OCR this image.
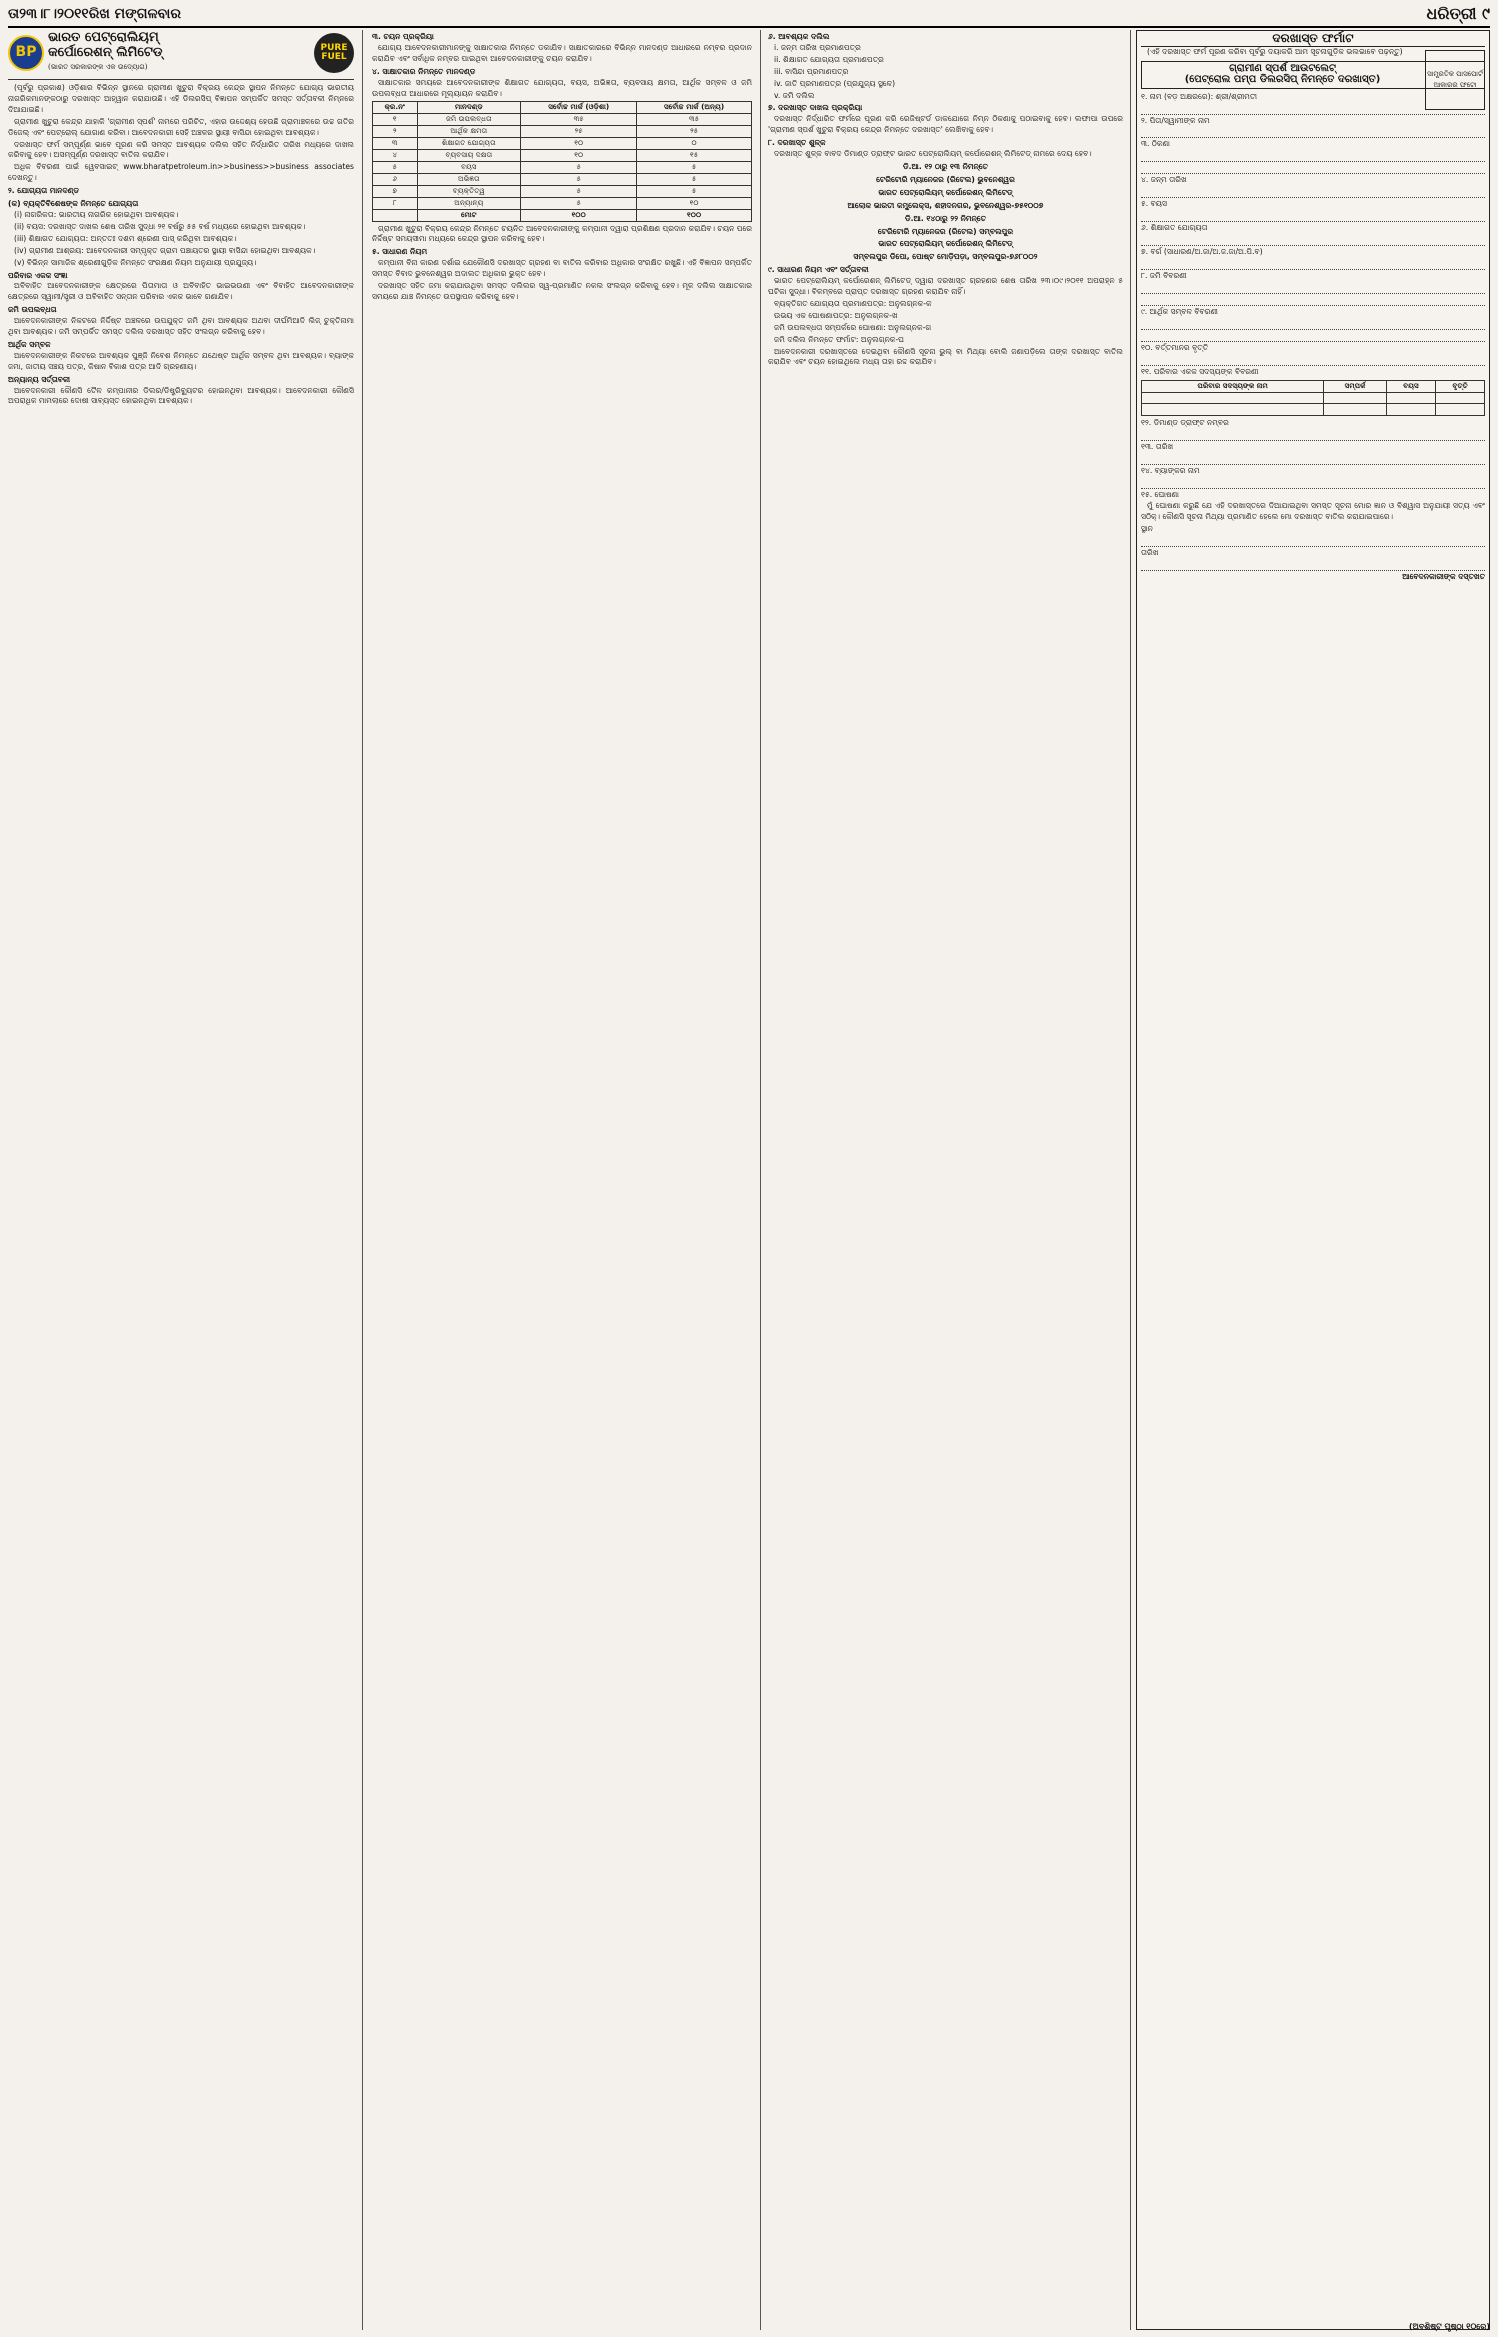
ତା୨୩।୮।୨୦୧୧ରିଖ ମଙ୍ଗଳବାର	ଧରିତ୍ରୀ ୯
BP
ଭାରତ ପେଟ୍ରୋଲିୟମ୍
କର୍ପୋରେଶନ୍ ଲିମିଟେଡ୍
(ଭାରତ ସରକାରଙ୍କ ଏକ ଉଦ୍ୟୋଗ)
PURE FUEL

(ପୂର୍ବରୁ ପ୍ରକାଶ) ଓଡ଼ିଶାର ବିଭିନ୍ନ ସ୍ଥାନରେ ଗ୍ରାମୀଣ ଖୁଚୁରା ବିକ୍ରୟ କେନ୍ଦ୍ର ସ୍ଥାପନ ନିମନ୍ତେ ଯୋଗ୍ୟ ଭାରତୀୟ ନାଗରିକମାନଙ୍କଠାରୁ ଦରଖାସ୍ତ ଆହ୍ୱାନ କରାଯାଉଛି। ଏହି ଡିଲରସିପ୍ ବିଜ୍ଞାପନ ସମ୍ପର୍କିତ ସମସ୍ତ ସର୍ତ୍ତାବଳୀ ନିମ୍ନରେ ଦିଆଯାଇଛି।

ଗ୍ରାମୀଣ ଖୁଚୁରା କେନ୍ଦ୍ର ଯାହାକି 'ଗ୍ରାମୀଣ ସ୍ପର୍ଶ' ନାମରେ ପରିଚିତ, ଏହାର ଉଦ୍ଦେଶ୍ୟ ହେଉଛି ଗ୍ରାମାଞ୍ଚଳରେ ଉଚ୍ଚ ଗତିର ଡିଜେଲ୍ ଏବଂ ପେଟ୍ରୋଲ୍ ଯୋଗାଣ କରିବା। ଆବେଦନକାରୀ ସେହି ଅଞ୍ଚଳର ସ୍ଥାୟୀ ବାସିନ୍ଦା ହୋଇଥିବା ଆବଶ୍ୟକ।

ଦରଖାସ୍ତ ଫର୍ମ ସମ୍ପୂର୍ଣ୍ଣ ଭାବେ ପୂରଣ କରି ସମସ୍ତ ଆବଶ୍ୟକ ଦଲିଲ ସହିତ ନିର୍ଦ୍ଧାରିତ ତାରିଖ ମଧ୍ୟରେ ଦାଖଲ କରିବାକୁ ହେବ। ଅସମ୍ପୂର୍ଣ୍ଣ ଦରଖାସ୍ତ ବାତିଲ କରାଯିବ।

ଅଧିକ ବିବରଣୀ ପାଇଁ ୱେବସାଇଟ୍ www.bharatpetroleum.in>>business>>business associates ଦେଖନ୍ତୁ।

୨. ଯୋଗ୍ୟତା ମାନଦଣ୍ଡ
(କ) ବ୍ୟକ୍ତିବିଶେଷଙ୍କ ନିମନ୍ତେ ଯୋଗ୍ୟତା

(i) ନାଗରିକତା: ଭାରତୀୟ ନାଗରିକ ହୋଇଥିବା ଆବଶ୍ୟକ।

(ii) ବୟସ: ଦରଖାସ୍ତ ଦାଖଲ ଶେଷ ତାରିଖ ସୁଦ୍ଧା ୨୧ ବର୍ଷରୁ ୫୫ ବର୍ଷ ମଧ୍ୟରେ ହୋଇଥିବା ଆବଶ୍ୟକ।

(iii) ଶିକ୍ଷାଗତ ଯୋଗ୍ୟତା: ଅନ୍ତତଃ ଦଶମ ଶ୍ରେଣୀ ପାସ୍ କରିଥିବା ଆବଶ୍ୟକ।

(iv) ଗ୍ରାମୀଣ ଆଶ୍ରୟ: ଆବେଦନକାରୀ ସମ୍ପୃକ୍ତ ଗ୍ରାମ ପଞ୍ଚାୟତର ସ୍ଥାୟୀ ବାସିନ୍ଦା ହୋଇଥିବା ଆବଶ୍ୟକ।

(v) ବିଭିନ୍ନ ସାମାଜିକ ଶ୍ରେଣୀଗୁଡ଼ିକ ନିମନ୍ତେ ସଂରକ୍ଷଣ ନିୟମ ଅନୁଯାୟୀ ପ୍ରଯୁଜ୍ୟ।

ପରିବାର ଏକକ ସଂଜ୍ଞା

ଅବିବାହିତ ଆବେଦନକାରୀଙ୍କ କ୍ଷେତ୍ରରେ ପିତାମାତା ଓ ଅବିବାହିତ ଭାଇଭଉଣୀ ଏବଂ ବିବାହିତ ଆବେଦନକାରୀଙ୍କ କ୍ଷେତ୍ରରେ ସ୍ୱାମୀ/ସ୍ତ୍ରୀ ଓ ଅବିବାହିତ ସନ୍ତାନ ପରିବାର ଏକକ ଭାବେ ଗଣାଯିବ।

ଜମି ଉପଲବ୍ଧତା

ଆବେଦନକାରୀଙ୍କ ନିକଟରେ ନିର୍ଦ୍ଦିଷ୍ଟ ଅଞ୍ଚଳରେ ଉପଯୁକ୍ତ ଜମି ଥିବା ଆବଶ୍ୟକ ଅଥବା ଦୀର୍ଘମିଆଦି ଲିଜ୍ ଚୁକ୍ତିନାମା ଥିବା ଆବଶ୍ୟକ। ଜମି ସମ୍ପର୍କିତ ସମସ୍ତ ଦଲିଲ ଦରଖାସ୍ତ ସହିତ ସଂଲଗ୍ନ କରିବାକୁ ହେବ।

ଆର୍ଥିକ ସମ୍ବଳ

ଆବେଦନକାରୀଙ୍କ ନିକଟରେ ଆବଶ୍ୟକ ପୁଞ୍ଜି ନିବେଶ ନିମନ୍ତେ ଯଥେଷ୍ଟ ଆର୍ଥିକ ସମ୍ବଳ ଥିବା ଆବଶ୍ୟକ। ବ୍ୟାଙ୍କ ଜମା, ଜାତୀୟ ସଞ୍ଚୟ ପତ୍ର, କିଷାନ ବିକାଶ ପତ୍ର ଆଦି ଗ୍ରହଣୀୟ।

ଅନ୍ୟାନ୍ୟ ସର୍ତ୍ତାବଳୀ

ଆବେଦନକାରୀ କୌଣସି ତୈଳ କମ୍ପାନୀର ଡିଲର/ଡିଷ୍ଟ୍ରିବ୍ୟୁଟର ହୋଇନଥିବା ଆବଶ୍ୟକ। ଆବେଦନକାରୀ କୌଣସି ଅପରାଧିକ ମାମଲାରେ ଦୋଷୀ ସାବ୍ୟସ୍ତ ହୋଇନଥିବା ଆବଶ୍ୟକ।

୩. ଚୟନ ପ୍ରକ୍ରିୟା

ଯୋଗ୍ୟ ଆବେଦନକାରୀମାନଙ୍କୁ ସାକ୍ଷାତକାର ନିମନ୍ତେ ଡକାଯିବ। ସାକ୍ଷାତକାରରେ ବିଭିନ୍ନ ମାନଦଣ୍ଡ ଆଧାରରେ ନମ୍ବର ପ୍ରଦାନ କରାଯିବ ଏବଂ ସର୍ବାଧିକ ନମ୍ବର ପାଇଥିବା ଆବେଦନକାରୀଙ୍କୁ ଚୟନ କରାଯିବ।

୪. ସାକ୍ଷାତକାର ନିମନ୍ତେ ମାନଦଣ୍ଡ

ସାକ୍ଷାତକାର ସମୟରେ ଆବେଦନକାରୀଙ୍କ ଶିକ୍ଷାଗତ ଯୋଗ୍ୟତା, ବୟସ, ଅଭିଜ୍ଞତା, ବ୍ୟବସାୟ କ୍ଷମତା, ଆର୍ଥିକ ସମ୍ବଳ ଓ ଜମି ଉପଲବ୍ଧତା ଆଧାରରେ ମୂଲ୍ୟାୟନ କରାଯିବ।

କ୍ର.ନଂ	ମାନଦଣ୍ଡ	ସର୍ବୋଚ୍ଚ ମାର୍କ (ଓଡ଼ିଶା)	ସର୍ବୋଚ୍ଚ ମାର୍କ (ଅନ୍ୟ)
୧	ଜମି ଉପଲବ୍ଧତା	୩୫	୩୫
୨	ଆର୍ଥିକ କ୍ଷମତା	୨୫	୨୫
୩	ଶିକ୍ଷାଗତ ଯୋଗ୍ୟତା	୧୦	୦
୪	ବ୍ୟବସାୟ ଦକ୍ଷତା	୧୦	୧୫
୫	ବୟସ	୫	୫
୬	ଅଭିଜ୍ଞତା	୫	୫
୭	ବ୍ୟକ୍ତିତ୍ୱ	୫	୫
୮	ଅନ୍ୟାନ୍ୟ	୫	୧୦
	ମୋଟ	୧୦୦	୧୦୦

ଗ୍ରାମୀଣ ଖୁଚୁରା ବିକ୍ରୟ କେନ୍ଦ୍ର ନିମନ୍ତେ ଚୟନିତ ଆବେଦନକାରୀଙ୍କୁ କମ୍ପାନୀ ଦ୍ୱାରା ପ୍ରଶିକ୍ଷଣ ପ୍ରଦାନ କରାଯିବ। ଚୟନ ପରେ ନିର୍ଦ୍ଦିଷ୍ଟ ସମୟସୀମା ମଧ୍ୟରେ କେନ୍ଦ୍ର ସ୍ଥାପନ କରିବାକୁ ହେବ।

୫. ସାଧାରଣ ନିୟମ

କମ୍ପାନୀ ବିନା କାରଣ ଦର୍ଶାଇ ଯେକୌଣସି ଦରଖାସ୍ତ ଗ୍ରହଣ ବା ବାତିଲ କରିବାର ଅଧିକାର ସଂରକ୍ଷିତ ରଖୁଛି। ଏହି ବିଜ୍ଞାପନ ସମ୍ପର୍କିତ ସମସ୍ତ ବିବାଦ ଭୁବନେଶ୍ୱର ଅଦାଲତ ଅଧିକାର ଭୁକ୍ତ ହେବ।

ଦରଖାସ୍ତ ସହିତ ଜମା କରାଯାଉଥିବା ସମସ୍ତ ଦଲିଲର ସ୍ୱ-ପ୍ରମାଣିତ ନକଲ ସଂଲଗ୍ନ କରିବାକୁ ହେବ। ମୂଳ ଦଲିଲ ସାକ୍ଷାତକାର ସମୟରେ ଯାଞ୍ଚ ନିମନ୍ତେ ଉପସ୍ଥାପନ କରିବାକୁ ହେବ।

୬. ଆବଶ୍ୟକ ଦଲିଲ

i. ଜନ୍ମ ତାରିଖ ପ୍ରମାଣପତ୍ର

ii. ଶିକ୍ଷାଗତ ଯୋଗ୍ୟତା ପ୍ରମାଣପତ୍ର

iii. ବାସିନ୍ଦା ପ୍ରମାଣପତ୍ର

iv. ଜାତି ପ୍ରମାଣପତ୍ର (ପ୍ରଯୁଜ୍ୟ ସ୍ଥଳେ)

v. ଜମି ଦଲିଲ

୭. ଦରଖାସ୍ତ ଦାଖଲ ପ୍ରକ୍ରିୟା

ଦରଖାସ୍ତ ନିର୍ଦ୍ଧାରିତ ଫର୍ମରେ ପୂରଣ କରି ରେଜିଷ୍ଟର୍ଡ ଡାକଯୋଗେ ନିମ୍ନ ଠିକଣାକୁ ପଠାଇବାକୁ ହେବ। ଲଫାପା ଉପରେ 'ଗ୍ରାମୀଣ ସ୍ପର୍ଶ ଖୁଚୁରା ବିକ୍ରୟ କେନ୍ଦ୍ର ନିମନ୍ତେ ଦରଖାସ୍ତ' ଲେଖିବାକୁ ହେବ।

୮. ଦରଖାସ୍ତ ଶୁଳ୍କ

ଦରଖାସ୍ତ ଶୁଳ୍କ ବାବଦ ଡିମାଣ୍ଡ ଡ୍ରାଫ୍ଟ ଭାରତ ପେଟ୍ରୋଲିୟମ୍ କର୍ପୋରେଶନ୍ ଲିମିଟେଡ୍ ନାମରେ ଦେୟ ହେବ।

ଡି.ଆ. ୧୨ ଠାରୁ ୧୩ ନିମନ୍ତେ
ଟେରିଟୋରି ମ୍ୟାନେଜର (ରିଟେଲ) ଭୁବନେଶ୍ୱର
ଭାରତ ପେଟ୍ରୋଲିୟମ୍ କର୍ପୋରେଶନ୍ ଲିମିଟେଡ୍
ଆଲୋକ ଭାରତୀ କମ୍ପ୍ଲେକ୍ସ, ଶହୀଦନଗର, ଭୁବନେଶ୍ୱର-୭୫୧୦୦୭
ଡି.ଆ. ୧୪ଠାରୁ ୨୨ ନିମନ୍ତେ
ଟେରିଟୋରି ମ୍ୟାନେଜର (ରିଟେଲ) ସମ୍ବଲପୁର
ଭାରତ ପେଟ୍ରୋଲିୟମ୍ କର୍ପୋରେଶନ୍ ଲିମିଟେଡ୍
ସମ୍ବଲପୁର ଡିପୋ, ପୋଷ୍ଟ ମୋଡ଼ିପଡ଼ା, ସମ୍ବଲପୁର-୭୬୮୦୦୨
୯. ସାଧାରଣ ନିୟମ ଏବଂ ସର୍ତ୍ତାବଳୀ

ଭାରତ ପେଟ୍ରୋଲିୟମ୍ କର୍ପୋରେଶନ୍ ଲିମିଟେଡ୍ ଦ୍ୱାରା ଦରଖାସ୍ତ ଗ୍ରହଣର ଶେଷ ତାରିଖ ୨୩।୦୯।୨୦୧୧ ଅପରାହ୍ନ ୫ ଘଟିକା ସୁଦ୍ଧା। ବିଳମ୍ବରେ ପ୍ରାପ୍ତ ଦରଖାସ୍ତ ଗ୍ରହଣ କରାଯିବ ନାହିଁ।

ବ୍ୟକ୍ତିଗତ ଯୋଗ୍ୟତା ପ୍ରମାଣପତ୍ର: ଅନୁଲଗ୍ନକ-କ

ଉଭୟ ଏକ ଘୋଷଣାପତ୍ର: ଅନୁଲଗ୍ନକ-ଖ

ଜମି ଉପଲବ୍ଧତା ସମ୍ପର୍କରେ ଘୋଷଣା: ଅନୁଲଗ୍ନକ-ଗ

ଜମି ଦଲିଲ ନିମନ୍ତେ ଫର୍ମାଟ: ଅନୁଲଗ୍ନକ-ଘ

ଆବେଦନକାରୀ ଦରଖାସ୍ତରେ ଦେଇଥିବା କୌଣସି ସୂଚନା ଭୁଲ୍ ବା ମିଥ୍ୟା ବୋଲି ଜଣାପଡ଼ିଲେ ତାଙ୍କ ଦରଖାସ୍ତ ବାତିଲ କରାଯିବ ଏବଂ ଚୟନ ହୋଇଥିଲେ ମଧ୍ୟ ତାହା ରଦ୍ଦ କରାଯିବ।

ଦରଖାସ୍ତ ଫର୍ମାଟ
ସାମ୍ପ୍ରତିକ ପାସପୋର୍ଟ ଆକାରର ଫଟୋ

(ଏହି ଦରଖାସ୍ତ ଫର୍ମ ପୂରଣ କରିବା ପୂର୍ବରୁ ଦୟାକରି ଆମ ସୂଚନାଗୁଡ଼ିକ ଭଲଭାବେ ପଢ଼ନ୍ତୁ)

ଗ୍ରାମୀଣ ସ୍ପର୍ଶ ଆଉଟଲେଟ୍
(ପେଟ୍ରୋଲ ପମ୍ପ ଡିଲରସିପ୍ ନିମନ୍ତେ ଦରଖାସ୍ତ)
୧. ନାମ (ବଡ଼ ଅକ୍ଷରରେ): ଶ୍ରୀ/ଶ୍ରୀମତୀ
୨. ପିତା/ସ୍ୱାମୀଙ୍କ ନାମ
୩. ଠିକଣା
୪. ଜନ୍ମ ତାରିଖ
୫. ବୟସ
୬. ଶିକ୍ଷାଗତ ଯୋଗ୍ୟତା
୭. ବର୍ଗ (ସାଧାରଣ/ଅ.ଜା/ଅ.ଜ.ଜା/ଅ.ପି.ବ)
୮. ଜମି ବିବରଣୀ
୯. ଆର୍ଥିକ ସମ୍ବଳ ବିବରଣୀ
୧୦. ବର୍ତ୍ତମାନର ବୃତ୍ତି
୧୧. ପରିବାର ଏକକ ସଦସ୍ୟଙ୍କ ବିବରଣୀ
ପରିବାର ସଦସ୍ୟଙ୍କ ନାମ	ସମ୍ପର୍କ	ବୟସ	ବୃତ୍ତି

୧୨. ଡିମାଣ୍ଡ ଡ୍ରାଫ୍ଟ ନମ୍ବର
୧୩. ତାରିଖ
୧୪. ବ୍ୟାଙ୍କର ନାମ
୧୫. ଘୋଷଣା

ମୁଁ ଘୋଷଣା କରୁଛି ଯେ ଏହି ଦରଖାସ୍ତରେ ଦିଆଯାଇଥିବା ସମସ୍ତ ସୂଚନା ମୋର ଜ୍ଞାନ ଓ ବିଶ୍ୱାସ ଅନୁଯାୟୀ ସତ୍ୟ ଏବଂ ସଠିକ୍। କୌଣସି ସୂଚନା ମିଥ୍ୟା ପ୍ରମାଣିତ ହେଲେ ମୋ ଦରଖାସ୍ତ ବାତିଲ କରାଯାଇପାରେ।

ସ୍ଥାନ
ତାରିଖ
ଆବେଦନକାରୀଙ୍କ ଦସ୍ତଖତ
(ଅବଶିଷ୍ଟ ପୃଷ୍ଠା ୧୦ରେ)
